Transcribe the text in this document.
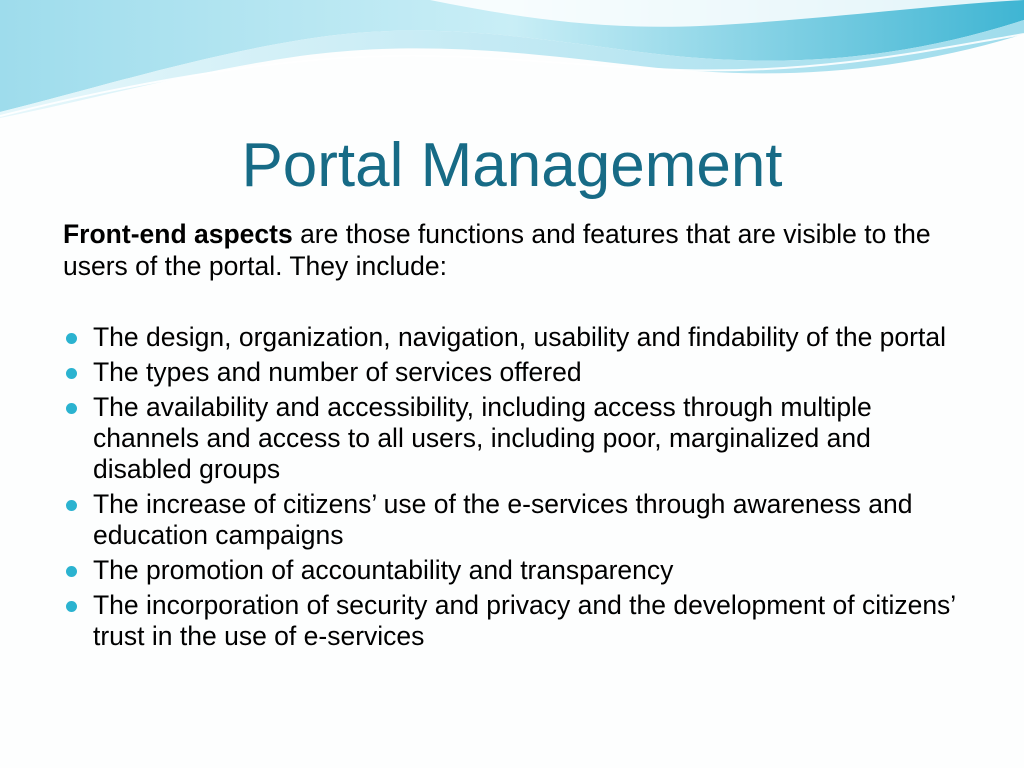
Portal Management

Front-end aspects are those functions and features that are visible to the users of the portal. They include:

The design, organization, navigation, usability and findability of the portal
The types and number of services offered
The availability and accessibility, including access through multiple channels and access to all users, including poor, marginalized and disabled groups
The increase of citizens’ use of the e-services through awareness and education campaigns
The promotion of accountability and transparency
The incorporation of security and privacy and the development of citizens’ trust in the use of e-services
